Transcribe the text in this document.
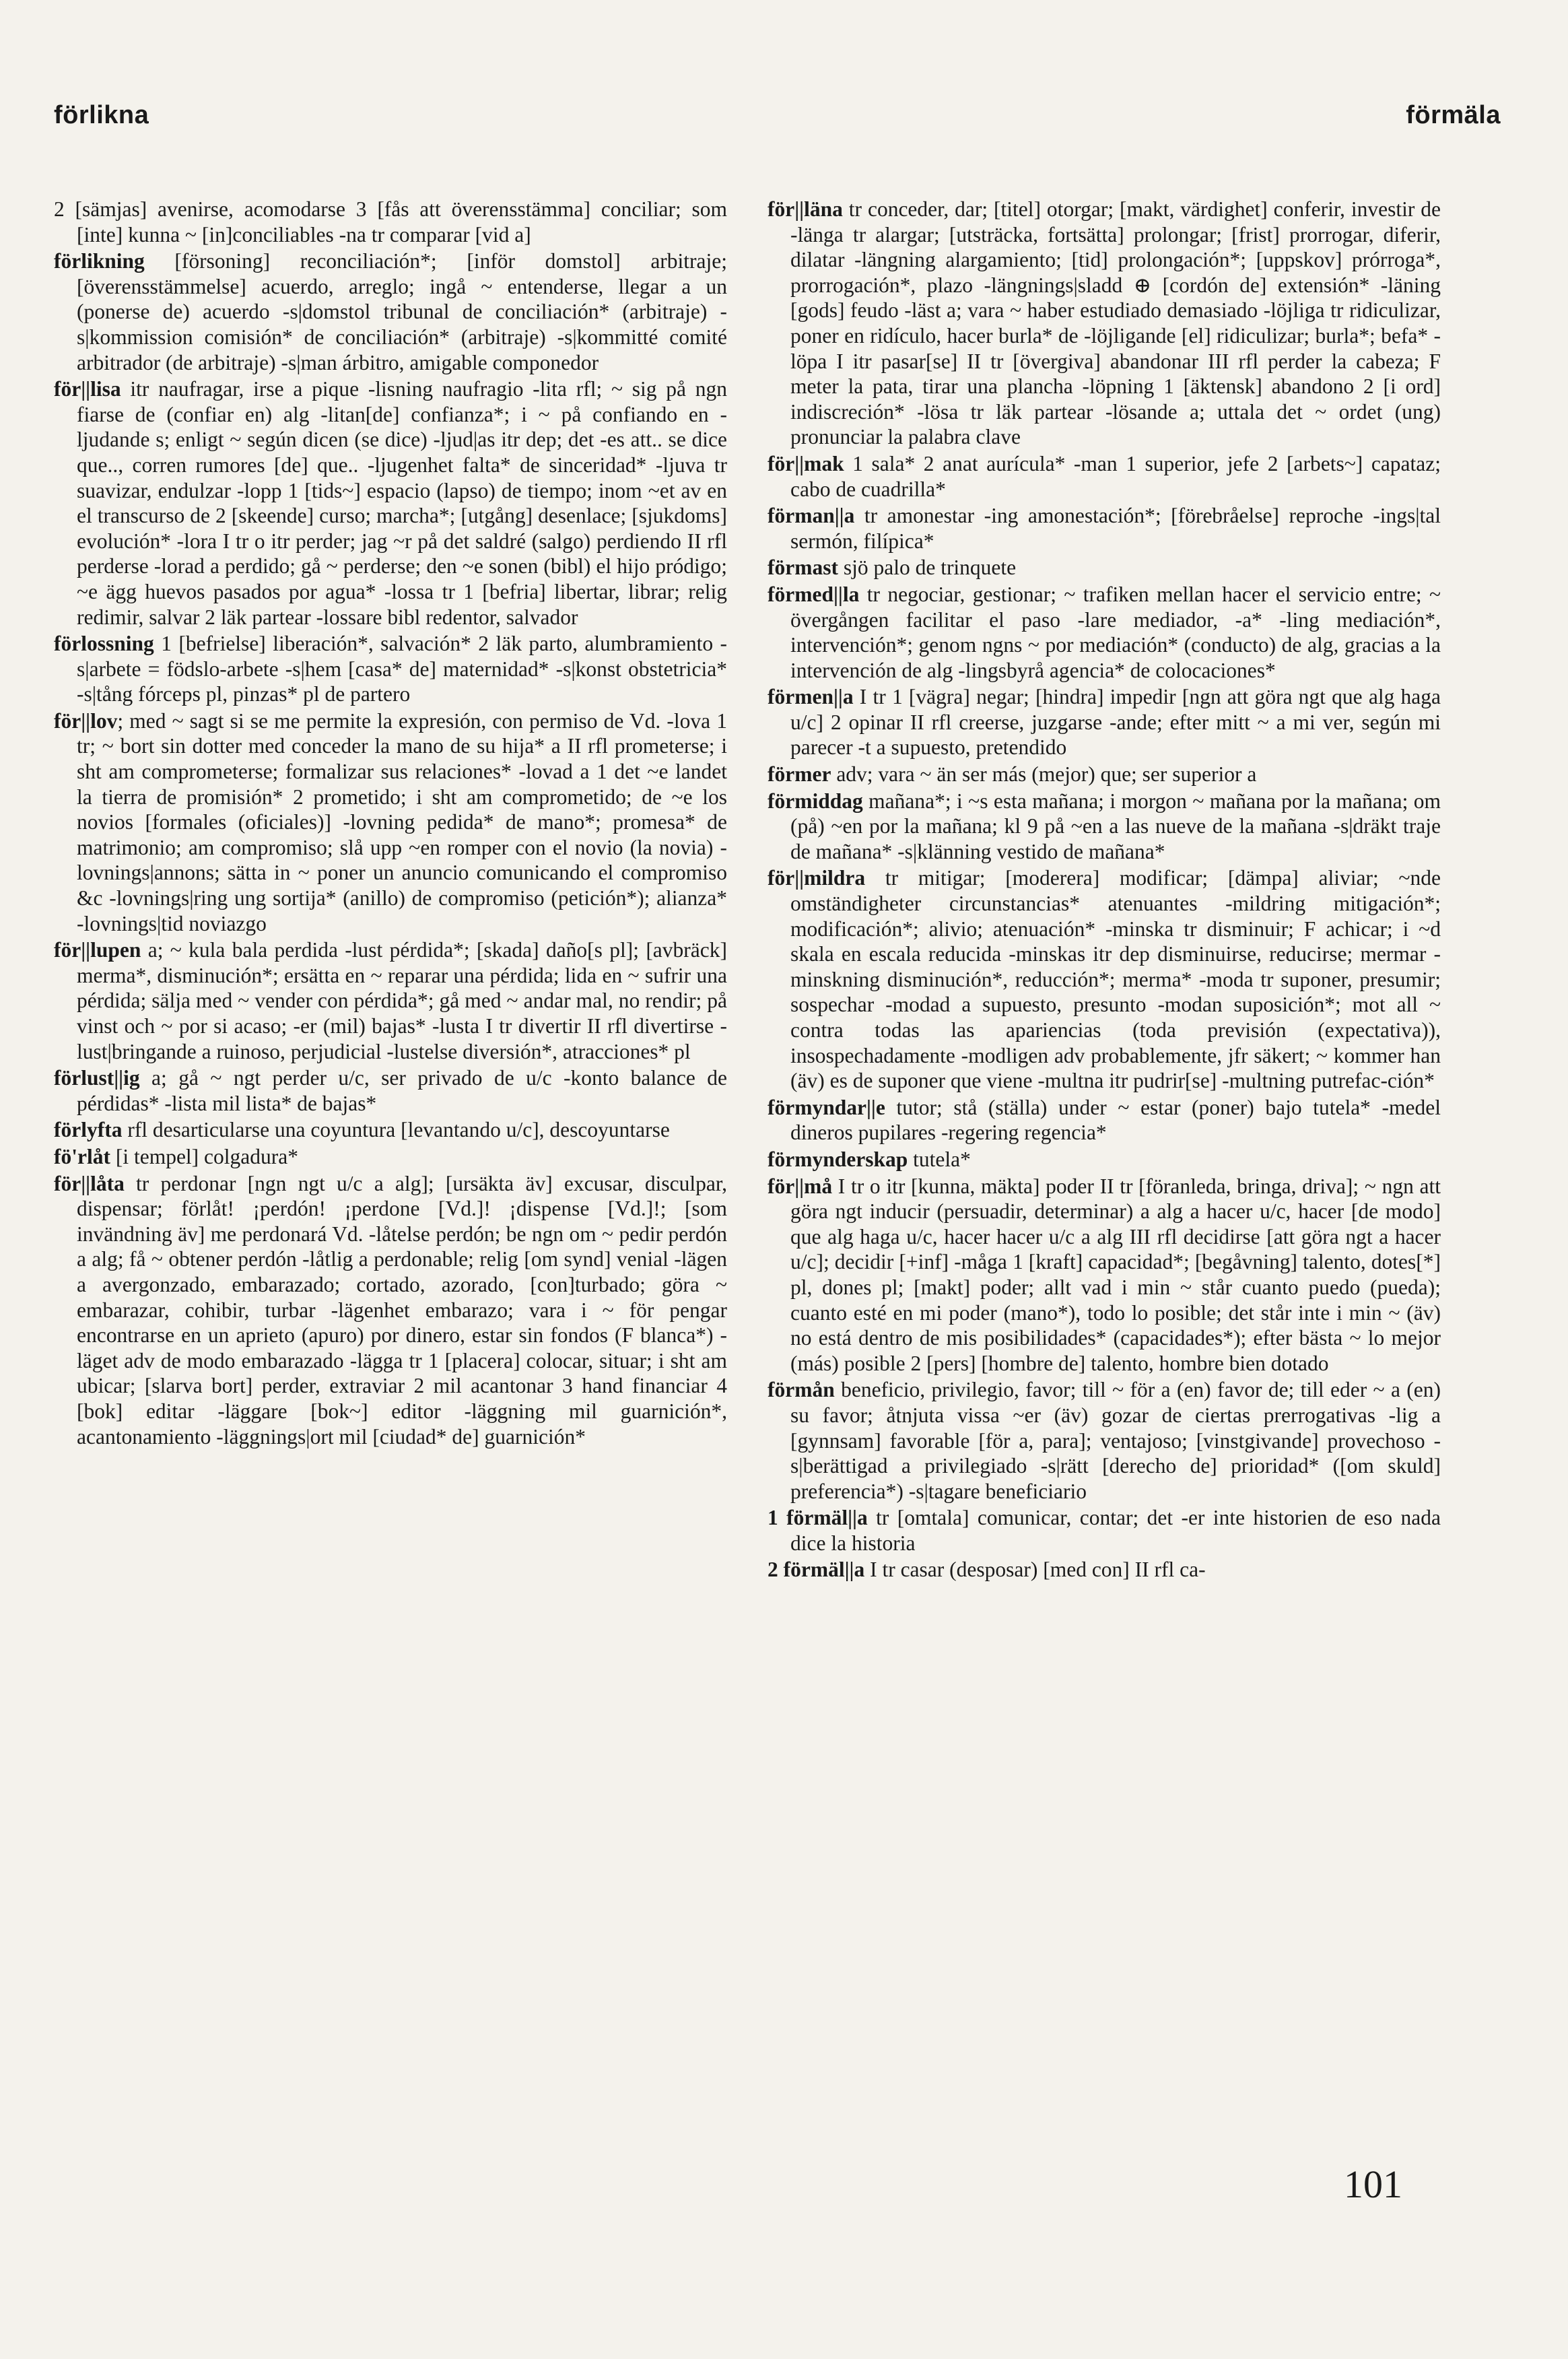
förlikna	förmäla

2 [sämjas] avenirse, acomodarse 3 [fås att överensstämma] conciliar; som [inte] kunna ~ [in]conciliables -na tr comparar [vid a]

förlikning [försoning] reconciliación*; [inför domstol] arbitraje; [överensstämmelse] acuerdo, arreglo; ingå ~ entenderse, llegar a un (ponerse de) acuerdo -s|domstol tribunal de conciliación* (arbitraje) -s|kommission comisión* de conciliación* (arbitraje) -s|kommitté comité arbitrador (de arbitraje) -s|man árbitro, amigable componedor

för||lisa itr naufragar, irse a pique -lisning naufragio -lita rfl; ~ sig på ngn fiarse de (confiar en) alg -litan[de] confianza*; i ~ på confiando en -ljudande s; enligt ~ según dicen (se dice) -ljud|as itr dep; det -es att.. se dice que.., corren rumores [de] que.. -ljugenhet falta* de sinceridad* -ljuva tr suavizar, endulzar -lopp 1 [tids~] espacio (lapso) de tiempo; inom ~et av en el transcurso de 2 [skeende] curso; marcha*; [utgång] desenlace; [sjukdoms] evolución* -lora I tr o itr perder; jag ~r på det saldré (salgo) perdiendo II rfl perderse -lorad a perdido; gå ~ perderse; den ~e sonen (bibl) el hijo pródigo; ~e ägg huevos pasados por agua* -lossa tr 1 [befria] libertar, librar; relig redimir, salvar 2 läk partear -lossare bibl redentor, salvador

förlossning 1 [befrielse] liberación*, salvación* 2 läk parto, alumbramiento -s|arbete = födslo-arbete -s|hem [casa* de] maternidad* -s|konst obstetricia* -s|tång fórceps pl, pinzas* pl de partero

för||lov; med ~ sagt si se me permite la expresión, con permiso de Vd. -lova 1 tr; ~ bort sin dotter med conceder la mano de su hija* a II rfl prometerse; i sht am comprometerse; formalizar sus relaciones* -lovad a 1 det ~e landet la tierra de promisión* 2 prometido; i sht am comprometido; de ~e los novios [formales (oficiales)] -lovning pedida* de mano*; promesa* de matrimonio; am compromiso; slå upp ~en romper con el novio (la novia) -lovnings|annons; sätta in ~ poner un anuncio comunicando el compromiso &c -lovnings|ring ung sortija* (anillo) de compromiso (petición*); alianza* -lovnings|tid noviazgo

för||lupen a; ~ kula bala perdida -lust pérdida*; [skada] daño[s pl]; [avbräck] merma*, disminución*; ersätta en ~ reparar una pérdida; lida en ~ sufrir una pérdida; sälja med ~ vender con pérdida*; gå med ~ andar mal, no rendir; på vinst och ~ por si acaso; -er (mil) bajas* -lusta I tr divertir II rfl divertirse -lust|bringande a ruinoso, perjudicial -lustelse diversión*, atracciones* pl

förlust||ig a; gå ~ ngt perder u/c, ser privado de u/c -konto balance de pérdidas* -lista mil lista* de bajas*

förlyfta rfl desarticularse una coyuntura [levantando u/c], descoyuntarse

fö'rlåt [i tempel] colgadura*

för||låta tr perdonar [ngn ngt u/c a alg]; [ursäkta äv] excusar, disculpar, dispensar; förlåt! ¡perdón! ¡perdone [Vd.]! ¡dispense [Vd.]!; [som invändning äv] me perdonará Vd. -låtelse perdón; be ngn om ~ pedir perdón a alg; få ~ obtener perdón -låtlig a perdonable; relig [om synd] venial -lägen a avergonzado, embarazado; cortado, azorado, [con]turbado; göra ~ embarazar, cohibir, turbar -lägenhet embarazo; vara i ~ för pengar encontrarse en un aprieto (apuro) por dinero, estar sin fondos (F blanca*) -läget adv de modo embarazado -lägga tr 1 [placera] colocar, situar; i sht am ubicar; [slarva bort] perder, extraviar 2 mil acantonar 3 hand financiar 4 [bok] editar -läggare [bok~] editor -läggning mil guarnición*, acantonamiento -läggnings|ort mil [ciudad* de] guarnición*

för||läna tr conceder, dar; [titel] otorgar; [makt, värdighet] conferir, investir de -länga tr alargar; [utsträcka, fortsätta] prolongar; [frist] prorrogar, diferir, dilatar -längning alargamiento; [tid] prolongación*; [uppskov] prórroga*, prorrogación*, plazo -längnings|sladd ⊕ [cordón de] extensión* -läning [gods] feudo -läst a; vara ~ haber estudiado demasiado -löjliga tr ridiculizar, poner en ridículo, hacer burla* de -löjligande [el] ridiculizar; burla*; befa* -löpa I itr pasar[se] II tr [övergiva] abandonar III rfl perder la cabeza; F meter la pata, tirar una plancha -löpning 1 [äktensk] abandono 2 [i ord] indiscreción* -lösa tr läk partear -lösande a; uttala det ~ ordet (ung) pronunciar la palabra clave

för||mak 1 sala* 2 anat aurícula* -man 1 superior, jefe 2 [arbets~] capataz; cabo de cuadrilla*

förman||a tr amonestar -ing amonestación*; [förebråelse] reproche -ings|tal sermón, filípica*

förmast sjö palo de trinquete

förmed||la tr negociar, gestionar; ~ trafiken mellan hacer el servicio entre; ~ övergången facilitar el paso -lare mediador, -a* -ling mediación*, intervención*; genom ngns ~ por mediación* (conducto) de alg, gracias a la intervención de alg -lingsbyrå agencia* de colocaciones*

förmen||a I tr 1 [vägra] negar; [hindra] impedir [ngn att göra ngt que alg haga u/c] 2 opinar II rfl creerse, juzgarse -ande; efter mitt ~ a mi ver, según mi parecer -t a supuesto, pretendido

förmer adv; vara ~ än ser más (mejor) que; ser superior a

förmiddag mañana*; i ~s esta mañana; i morgon ~ mañana por la mañana; om (på) ~en por la mañana; kl 9 på ~en a las nueve de la mañana -s|dräkt traje de mañana* -s|klänning vestido de mañana*

för||mildra tr mitigar; [moderera] modificar; [dämpa] aliviar; ~nde omständigheter circunstancias* atenuantes -mildring mitigación*; modificación*; alivio; atenuación* -minska tr disminuir; F achicar; i ~d skala en escala reducida -minskas itr dep disminuirse, reducirse; mermar -minskning disminución*, reducción*; merma* -moda tr suponer, presumir; sospechar -modad a supuesto, presunto -modan suposición*; mot all ~ contra todas las apariencias (toda previsión (expectativa)), insospechadamente -modligen adv probablemente, jfr säkert; ~ kommer han (äv) es de suponer que viene -multna itr pudrir[se] -multning putrefac-ción*

förmyndar||e tutor; stå (ställa) under ~ estar (poner) bajo tutela* -medel dineros pupilares -regering regencia*

förmynderskap tutela*

för||må I tr o itr [kunna, mäkta] poder II tr [föranleda, bringa, driva]; ~ ngn att göra ngt inducir (persuadir, determinar) a alg a hacer u/c, hacer [de modo] que alg haga u/c, hacer hacer u/c a alg III rfl decidirse [att göra ngt a hacer u/c]; decidir [+inf] -måga 1 [kraft] capacidad*; [begåvning] talento, dotes[*] pl, dones pl; [makt] poder; allt vad i min ~ står cuanto puedo (pueda); cuanto esté en mi poder (mano*), todo lo posible; det står inte i min ~ (äv) no está dentro de mis posibilidades* (capacidades*); efter bästa ~ lo mejor (más) posible 2 [pers] [hombre de] talento, hombre bien dotado

förmån beneficio, privilegio, favor; till ~ för a (en) favor de; till eder ~ a (en) su favor; åtnjuta vissa ~er (äv) gozar de ciertas prerrogativas -lig a [gynnsam] favorable [för a, para]; ventajoso; [vinstgivande] provechoso -s|berättigad a privilegiado -s|rätt [derecho de] prioridad* ([om skuld] preferencia*) -s|tagare beneficiario

1 förmäl||a tr [omtala] comunicar, contar; det -er inte historien de eso nada dice la historia

2 förmäl||a I tr casar (desposar) [med con] II rfl ca-

101
